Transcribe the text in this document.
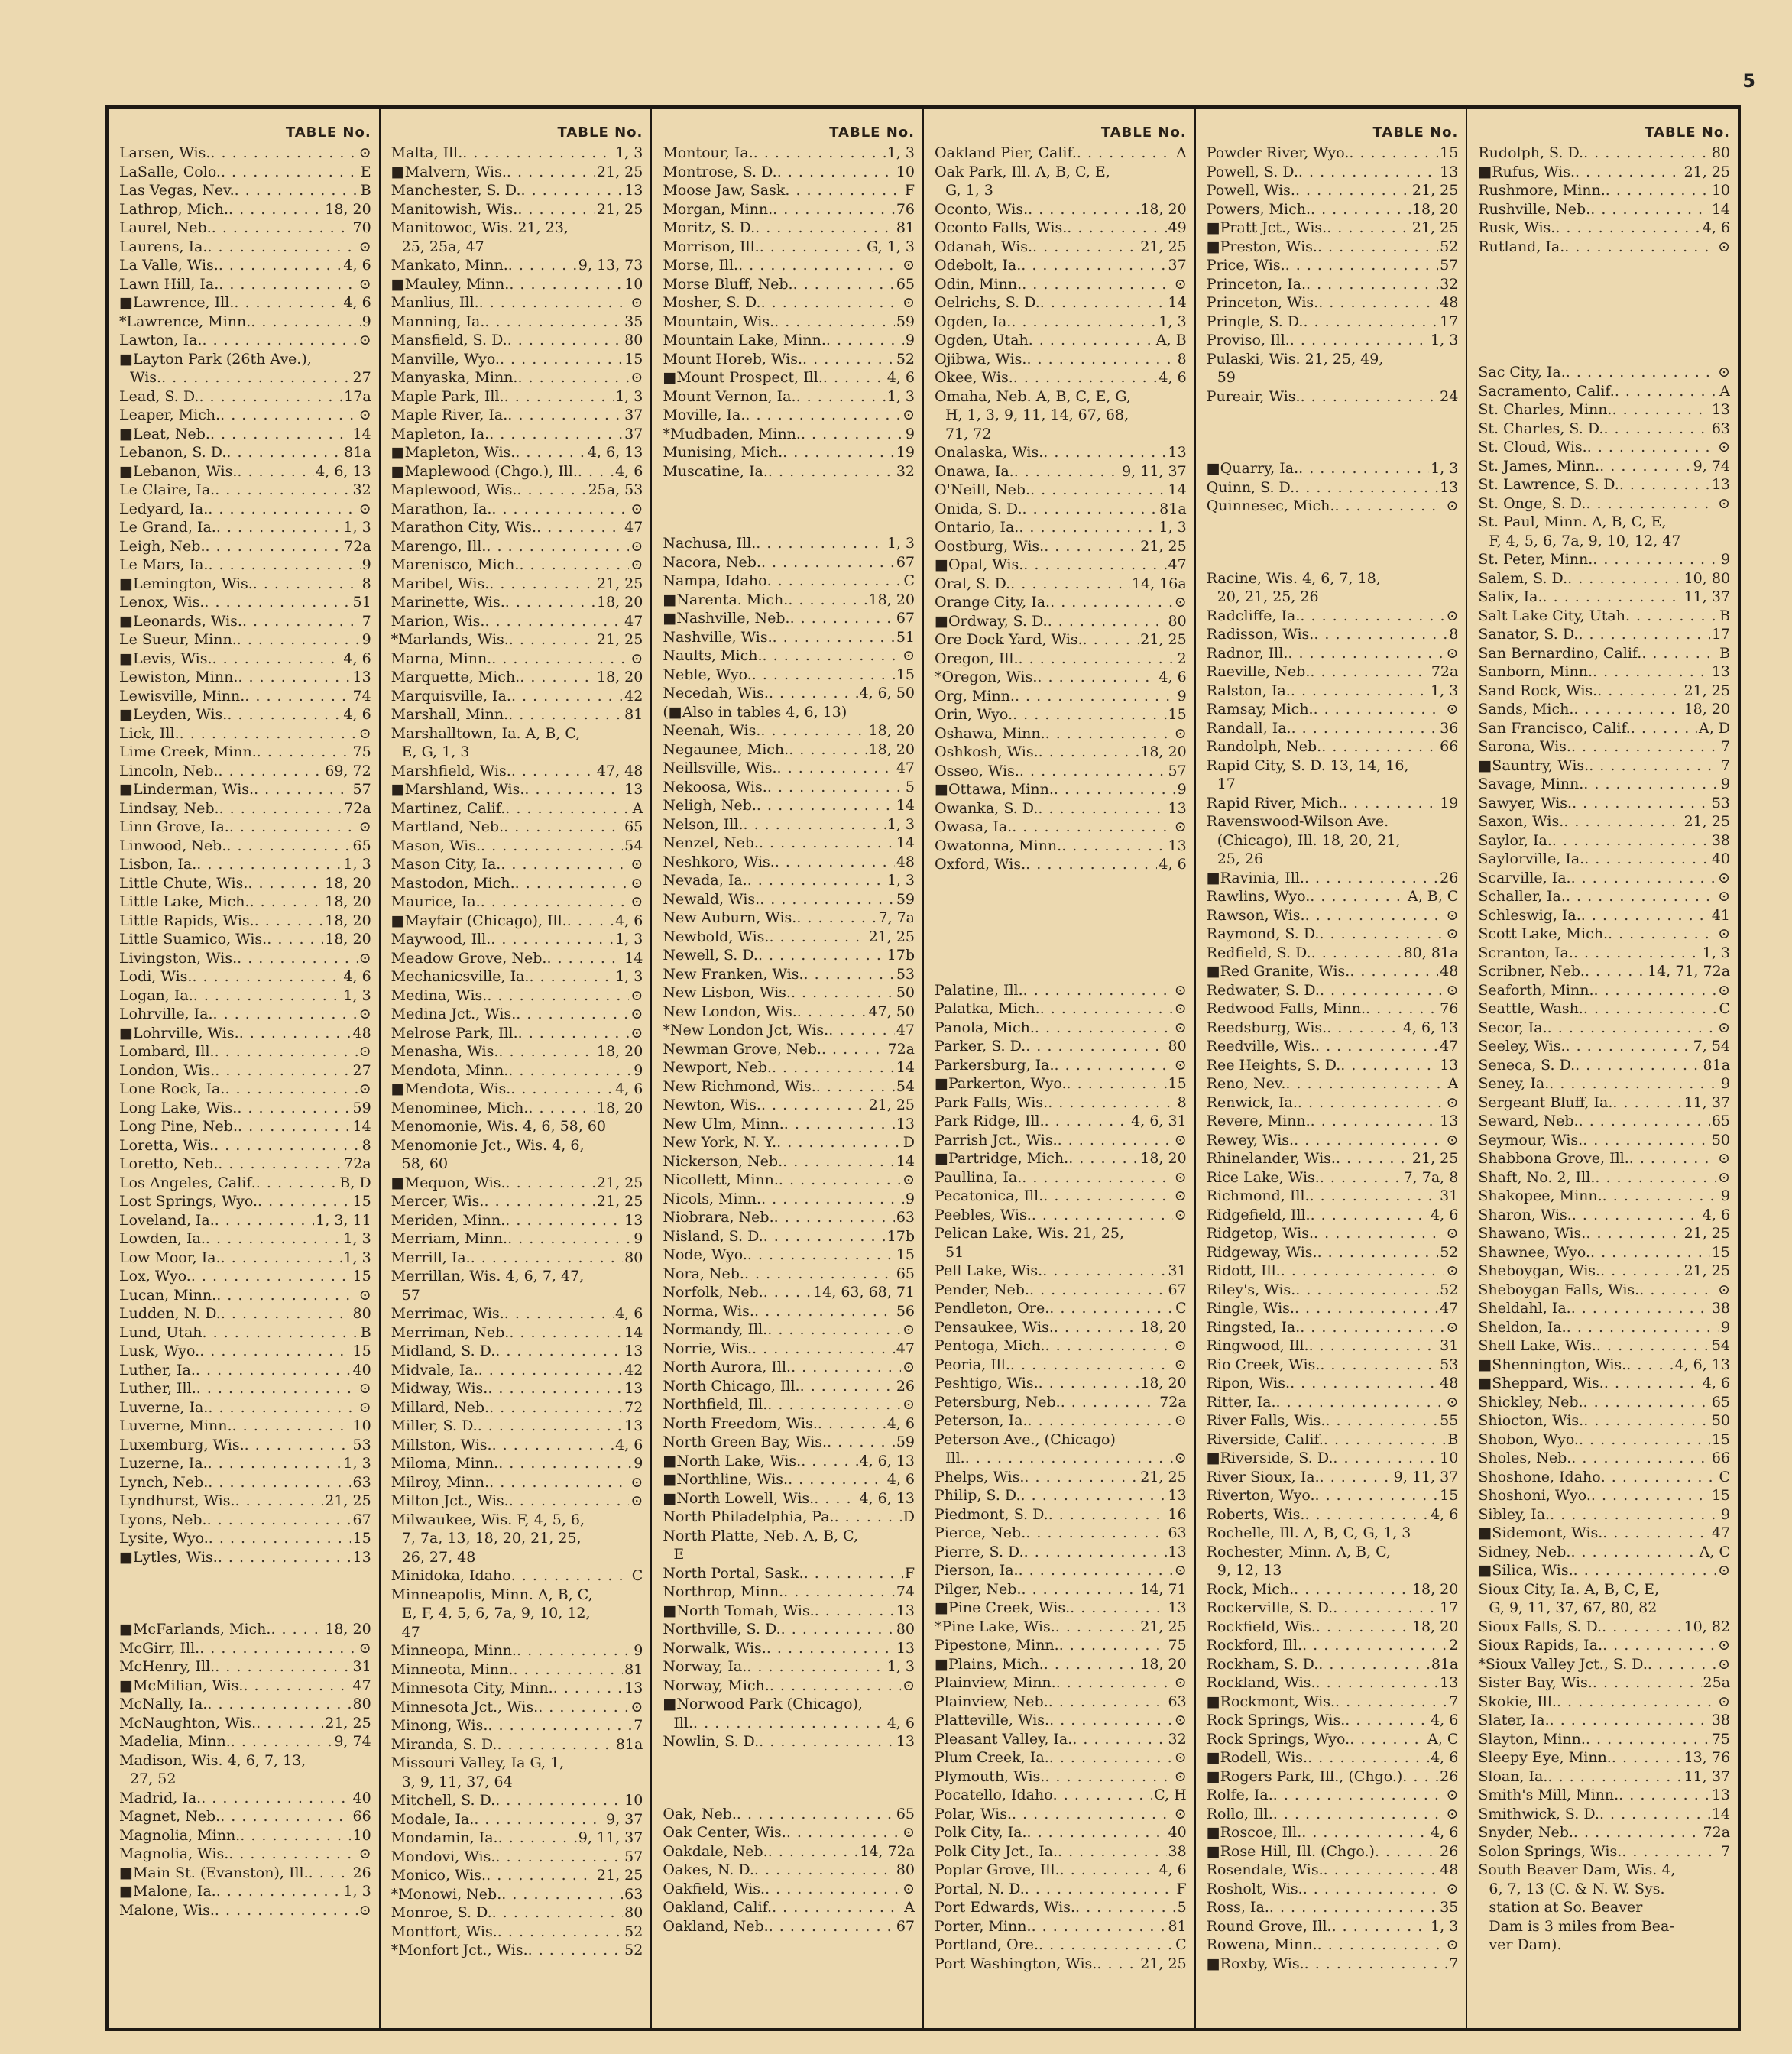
5
TABLE No.
Larsen, Wis. . . .	⊙
LaSalle, Colo. . . .	E
Las Vegas, Nev. . . .	B
Lathrop, Mich. . . .	18, 20
Laurel, Neb. . . .	70
Laurens, Ia. . . .	⊙
La Valle, Wis. . . .	4, 6
Lawn Hill, Ia. . . .	⊙
■Lawrence, Ill. . . .	4, 6
*Lawrence, Minn. . . .	9
Lawton, Ia. . . .	⊙
■Layton Park (26th Ave.),
Wis. . . .	27
Lead, S. D. . . .	17a
Leaper, Mich. . . .	⊙
■Leat, Neb. . . .	14
Lebanon, S. D. . . .	81a
■Lebanon, Wis. . . .	4, 6, 13
Le Claire, Ia. . . .	32
Ledyard, Ia. . . .	⊙
Le Grand, Ia. . . .	1, 3
Leigh, Neb. . . .	72a
Le Mars, Ia. . . .	9
■Lemington, Wis. . . .	8
Lenox, Wis. . . .	51
■Leonards, Wis. . . .	7
Le Sueur, Minn. . . .	9
■Levis, Wis. . . .	4, 6
Lewiston, Minn. . . .	13
Lewisville, Minn. . . .	74
■Leyden, Wis. . . .	4, 6
Lick, Ill. . . .	⊙
Lime Creek, Minn. . . .	75
Lincoln, Neb. . . .	69, 72
■Linderman, Wis. . . .	57
Lindsay, Neb. . . .	72a
Linn Grove, Ia. . . .	⊙
Linwood, Neb. . . .	65
Lisbon, Ia. . . .	1, 3
Little Chute, Wis. . . .	18, 20
Little Lake, Mich. . . .	18, 20
Little Rapids, Wis. . . .	18, 20
Little Suamico, Wis. . . .	18, 20
Livingston, Wis. . . .	⊙
Lodi, Wis. . . .	4, 6
Logan, Ia. . . .	1, 3
Lohrville, Ia. . . .	⊙
■Lohrville, Wis. . . .	48
Lombard, Ill. . . .	⊙
London, Wis. . . .	27
Lone Rock, Ia. . . .	⊙
Long Lake, Wis. . . .	59
Long Pine, Neb. . . .	14
Loretta, Wis. . . .	8
Loretto, Neb. . . .	72a
Los Angeles, Calif. . . .	B, D
Lost Springs, Wyo. . . .	15
Loveland, Ia. . . .	1, 3, 11
Lowden, Ia. . . .	1, 3
Low Moor, Ia. . . .	1, 3
Lox, Wyo. . . .	15
Lucan, Minn. . . .	⊙
Ludden, N. D. . . .	80
Lund, Utah . . .	B
Lusk, Wyo. . . .	15
Luther, Ia. . . .	40
Luther, Ill. . . .	⊙
Luverne, Ia. . . .	⊙
Luverne, Minn. . . .	10
Luxemburg, Wis. . . .	53
Luzerne, Ia. . . .	1, 3
Lynch, Neb. . . .	63
Lyndhurst, Wis. . . .	21, 25
Lyons, Neb. . . .	67
Lysite, Wyo. . . .	15
■Lytles, Wis. . . .	13
■McFarlands, Mich. . . .	18, 20
McGirr, Ill. . . .	⊙
McHenry, Ill. . . .	31
■McMilian, Wis. . . .	47
McNally, Ia. . . .	80
McNaughton, Wis. . . .	21, 25
Madelia, Minn. . . .	9, 74
Madison, Wis. 4, 6, 7, 13,
27, 52
Madrid, Ia. . . .	40
Magnet, Neb. . . .	66
Magnolia, Minn. . . .	10
Magnolia, Wis. . . .	⊙
■Main St. (Evanston), Ill. . . .	26
■Malone, Ia. . . .	1, 3
Malone, Wis. . . .	⊙
TABLE No.
Malta, Ill. . . .	1, 3
■Malvern, Wis. . . .	21, 25
Manchester, S. D. . . .	13
Manitowish, Wis. . . .	21, 25
Manitowoc, Wis. 21, 23,
25, 25a, 47
Mankato, Minn. . . .	9, 13, 73
■Mauley, Minn. . . .	10
Manlius, Ill. . . .	⊙
Manning, Ia. . . .	35
Mansfield, S. D. . . .	80
Manville, Wyo. . . .	15
Manyaska, Minn. . . .	⊙
Maple Park, Ill. . . .	1, 3
Maple River, Ia. . . .	37
Mapleton, Ia. . . .	37
■Mapleton, Wis. . . .	4, 6, 13
■Maplewood (Chgo.), Ill. . . .	4, 6
Maplewood, Wis. . . .	25a, 53
Marathon, Ia. . . .	⊙
Marathon City, Wis. . . .	47
Marengo, Ill. . . .	⊙
Marenisco, Mich. . . .	⊙
Maribel, Wis. . . .	21, 25
Marinette, Wis. . . .	18, 20
Marion, Wis. . . .	47
*Marlands, Wis. . . .	21, 25
Marna, Minn. . . .	⊙
Marquette, Mich. . . .	18, 20
Marquisville, Ia. . . .	42
Marshall, Minn. . . .	81
Marshalltown, Ia. A, B, C,
E, G, 1, 3
Marshfield, Wis. . . .	47, 48
■Marshland, Wis. . . .	13
Martinez, Calif. . . .	A
Martland, Neb. . . .	65
Mason, Wis. . . .	54
Mason City, Ia. . . .	⊙
Mastodon, Mich. . . .	⊙
Maurice, Ia. . . .	⊙
■Mayfair (Chicago), Ill. . . .	4, 6
Maywood, Ill. . . .	1, 3
Meadow Grove, Neb. . . .	14
Mechanicsville, Ia. . . .	1, 3
Medina, Wis. . . .	⊙
Medina Jct., Wis. . . .	⊙
Melrose Park, Ill. . . .	⊙
Menasha, Wis. . . .	18, 20
Mendota, Minn. . . .	9
■Mendota, Wis. . . .	4, 6
Menominee, Mich. . . .	18, 20
Menomonie, Wis. 4, 6, 58, 60
Menomonie Jct., Wis. 4, 6,
58, 60
■Mequon, Wis. . . .	21, 25
Mercer, Wis. . . .	21, 25
Meriden, Minn. . . .	13
Merriam, Minn. . . .	9
Merrill, Ia. . . .	80
Merrillan, Wis. 4, 6, 7, 47,
57
Merrimac, Wis. . . .	4, 6
Merriman, Neb. . . .	14
Midland, S. D. . . .	13
Midvale, Ia. . . .	42
Midway, Wis. . . .	13
Millard, Neb. . . .	72
Miller, S. D. . . .	13
Millston, Wis. . . .	4, 6
Miloma, Minn. . . .	9
Milroy, Minn. . . .	⊙
Milton Jct., Wis. . . .	⊙
Milwaukee, Wis. F, 4, 5, 6,
7, 7a, 13, 18, 20, 21, 25,
26, 27, 48
Minidoka, Idaho . . .	C
Minneapolis, Minn. A, B, C,
E, F, 4, 5, 6, 7a, 9, 10, 12,
47
Minneopa, Minn. . . .	9
Minneota, Minn. . . .	81
Minnesota City, Minn. . . .	13
Minnesota Jct., Wis. . . .	⊙
Minong, Wis. . . .	7
Miranda, S. D. . . .	81a
Missouri Valley, Ia G, 1,
3, 9, 11, 37, 64
Mitchell, S. D. . . .	10
Modale, Ia. . . .	9, 37
Mondamin, Ia. . . .	9, 11, 37
Mondovi, Wis. . . .	57
Monico, Wis. . . .	21, 25
*Monowi, Neb. . . .	63
Monroe, S. D. . . .	80
Montfort, Wis. . . .	52
*Monfort Jct., Wis. . . .	52
TABLE No.
Montour, Ia. . . .	1, 3
Montrose, S. D. . . .	10
Moose Jaw, Sask . . .	F
Morgan, Minn. . . .	76
Moritz, S. D. . . .	81
Morrison, Ill. . . .	G, 1, 3
Morse, Ill. . . .	⊙
Morse Bluff, Neb. . . .	65
Mosher, S. D. . . .	⊙
Mountain, Wis. . . .	59
Mountain Lake, Minn. . . .	9
Mount Horeb, Wis. . . .	52
■Mount Prospect, Ill. . . .	4, 6
Mount Vernon, Ia. . . .	1, 3
Moville, Ia. . . .	⊙
*Mudbaden, Minn. . . .	9
Munising, Mich. . . .	19
Muscatine, Ia. . . .	32
Nachusa, Ill. . . .	1, 3
Nacora, Neb. . . .	67
Nampa, Idaho . . .	C
■Narenta. Mich. . . .	18, 20
■Nashville, Neb. . . .	67
Nashville, Wis. . . .	51
Naults, Mich. . . .	⊙
Neble, Wyo. . . .	15
Necedah, Wis. . . .	4, 6, 50
(■Also in tables 4, 6, 13)
Neenah, Wis. . . .	18, 20
Negaunee, Mich. . . .	18, 20
Neillsville, Wis. . . .	47
Nekoosa, Wis. . . .	5
Neligh, Neb. . . .	14
Nelson, Ill. . . .	1, 3
Nenzel, Neb. . . .	14
Neshkoro, Wis. . . .	48
Nevada, Ia. . . .	1, 3
Newald, Wis. . . .	59
New Auburn, Wis. . . .	7, 7a
Newbold, Wis. . . .	21, 25
Newell, S. D. . . .	17b
New Franken, Wis. . . .	53
New Lisbon, Wis. . . .	50
New London, Wis. . . .	47, 50
*New London Jct, Wis. . . .	47
Newman Grove, Neb. . . .	72a
Newport, Neb. . . .	14
New Richmond, Wis. . . .	54
Newton, Wis. . . .	21, 25
New Ulm, Minn. . . .	13
New York, N. Y. . . .	D
Nickerson, Neb. . . .	14
Nicollett, Minn. . . .	⊙
Nicols, Minn. . . .	9
Niobrara, Neb. . . .	63
Nisland, S. D. . . .	17b
Node, Wyo. . . .	15
Nora, Neb. . . .	65
Norfolk, Neb. . . .	14, 63, 68, 71
Norma, Wis. . . .	56
Normandy, Ill. . . .	⊙
Norrie, Wis. . . .	47
North Aurora, Ill. . . .	⊙
North Chicago, Ill. . . .	26
Northfield, Ill. . . .	⊙
North Freedom, Wis. . . .	4, 6
North Green Bay, Wis. . . .	59
■North Lake, Wis. . . .	4, 6, 13
■Northline, Wis. . . .	4, 6
■North Lowell, Wis. . . .	4, 6, 13
North Philadelphia, Pa. . . .	D
North Platte, Neb. A, B, C,
E
North Portal, Sask. . . .	F
Northrop, Minn. . . .	74
■North Tomah, Wis. . . .	13
Northville, S. D. . . .	80
Norwalk, Wis. . . .	13
Norway, Ia. . . .	1, 3
Norway, Mich. . . .	⊙
■Norwood Park (Chicago),
Ill. . . .	4, 6
Nowlin, S. D. . . .	13
Oak, Neb. . . .	65
Oak Center, Wis. . . .	⊙
Oakdale, Neb. . . .	14, 72a
Oakes, N. D. . . .	80
Oakfield, Wis. . . .	⊙
Oakland, Calif. . . .	A
Oakland, Neb. . . .	67
TABLE No.
Oakland Pier, Calif. . . .	A
Oak Park, Ill. A, B, C, E,
G, 1, 3
Oconto, Wis. . . .	18, 20
Oconto Falls, Wis. . . .	49
Odanah, Wis. . . .	21, 25
Odebolt, Ia. . . .	37
Odin, Minn. . . .	⊙
Oelrichs, S. D. . . .	14
Ogden, Ia. . . .	1, 3
Ogden, Utah . . .	A, B
Ojibwa, Wis. . . .	8
Okee, Wis. . . .	4, 6
Omaha, Neb. A, B, C, E, G,
H, 1, 3, 9, 11, 14, 67, 68,
71, 72
Onalaska, Wis. . . .	13
Onawa, Ia. . . .	9, 11, 37
O'Neill, Neb. . . .	14
Onida, S. D. . . .	81a
Ontario, Ia. . . .	1, 3
Oostburg, Wis. . . .	21, 25
■Opal, Wis. . . .	47
Oral, S. D. . . .	14, 16a
Orange City, Ia. . . .	⊙
■Ordway, S. D. . . .	80
Ore Dock Yard, Wis. . . .	21, 25
Oregon, Ill. . . .	2
*Oregon, Wis. . . .	4, 6
Org, Minn. . . .	9
Orin, Wyo. . . .	15
Oshawa, Minn. . . .	⊙
Oshkosh, Wis. . . .	18, 20
Osseo, Wis. . . .	57
■Ottawa, Minn. . . .	9
Owanka, S. D. . . .	13
Owasa, Ia. . . .	⊙
Owatonna, Minn. . . .	13
Oxford, Wis. . . .	4, 6
Palatine, Ill. . . .	⊙
Palatka, Mich. . . .	⊙
Panola, Mich. . . .	⊙
Parker, S. D. . . .	80
Parkersburg, Ia. . . .	⊙
■Parkerton, Wyo. . . .	15
Park Falls, Wis. . . .	8
Park Ridge, Ill. . . .	4, 6, 31
Parrish Jct., Wis. . . .	⊙
■Partridge, Mich. . . .	18, 20
Paullina, Ia. . . .	⊙
Pecatonica, Ill. . . .	⊙
Peebles, Wis. . . .	⊙
Pelican Lake, Wis. 21, 25,
51
Pell Lake, Wis. . . .	31
Pender, Neb. . . .	67
Pendleton, Ore. . . .	C
Pensaukee, Wis. . . .	18, 20
Pentoga, Mich. . . .	⊙
Peoria, Ill. . . .	⊙
Peshtigo, Wis. . . .	18, 20
Petersburg, Neb. . . .	72a
Peterson, Ia. . . .	⊙
Peterson Ave., (Chicago)
Ill. . . .	⊙
Phelps, Wis. . . .	21, 25
Philip, S. D. . . .	13
Piedmont, S. D. . . .	16
Pierce, Neb. . . .	63
Pierre, S. D. . . .	13
Pierson, Ia. . . .	⊙
Pilger, Neb. . . .	14, 71
■Pine Creek, Wis. . . .	13
*Pine Lake, Wis. . . .	21, 25
Pipestone, Minn. . . .	75
■Plains, Mich. . . .	18, 20
Plainview, Minn. . . .	⊙
Plainview, Neb. . . .	63
Platteville, Wis. . . .	⊙
Pleasant Valley, Ia. . . .	32
Plum Creek, Ia. . . .	⊙
Plymouth, Wis. . . .	⊙
Pocatello, Idaho . . .	C, H
Polar, Wis. . . .	⊙
Polk City, Ia. . . .	40
Polk City Jct., Ia. . . .	38
Poplar Grove, Ill. . . .	4, 6
Portal, N. D. . . .	F
Port Edwards, Wis. . . .	5
Porter, Minn. . . .	81
Portland, Ore. . . .	C
Port Washington, Wis. . . .	21, 25
TABLE No.
Powder River, Wyo. . . .	15
Powell, S. D. . . .	13
Powell, Wis. . . .	21, 25
Powers, Mich. . . .	18, 20
■Pratt Jct., Wis. . . .	21, 25
■Preston, Wis. . . .	52
Price, Wis. . . .	57
Princeton, Ia. . . .	32
Princeton, Wis. . . .	48
Pringle, S. D. . . .	17
Proviso, Ill. . . .	1, 3
Pulaski, Wis. 21, 25, 49,
59
Pureair, Wis. . . .	24
■Quarry, Ia. . . .	1, 3
Quinn, S. D. . . .	13
Quinnesec, Mich. . . .	⊙
Racine, Wis. 4, 6, 7, 18,
20, 21, 25, 26
Radcliffe, Ia. . . .	⊙
Radisson, Wis. . . .	8
Radnor, Ill. . . .	⊙
Raeville, Neb. . . .	72a
Ralston, Ia. . . .	1, 3
Ramsay, Mich. . . .	⊙
Randall, Ia. . . .	36
Randolph, Neb. . . .	66
Rapid City, S. D. 13, 14, 16,
17
Rapid River, Mich. . . .	19
Ravenswood-Wilson Ave.
(Chicago), Ill. 18, 20, 21,
25, 26
■Ravinia, Ill. . . .	26
Rawlins, Wyo. . . .	A, B, C
Rawson, Wis. . . .	⊙
Raymond, S. D. . . .	⊙
Redfield, S. D. . . .	80, 81a
■Red Granite, Wis. . . .	48
Redwater, S. D. . . .	⊙
Redwood Falls, Minn. . . .	76
Reedsburg, Wis. . . .	4, 6, 13
Reedville, Wis. . . .	47
Ree Heights, S. D. . . .	13
Reno, Nev. . . .	A
Renwick, Ia. . . .	⊙
Revere, Minn. . . .	13
Rewey, Wis. . . .	⊙
Rhinelander, Wis. . . .	21, 25
Rice Lake, Wis. . . .	7, 7a, 8
Richmond, Ill. . . .	31
Ridgefield, Ill. . . .	4, 6
Ridgetop, Wis. . . .	⊙
Ridgeway, Wis. . . .	52
Ridott, Ill. . . .	⊙
Riley's, Wis. . . .	52
Ringle, Wis. . . .	47
Ringsted, Ia. . . .	⊙
Ringwood, Ill. . . .	31
Rio Creek, Wis. . . .	53
Ripon, Wis. . . .	48
Ritter, Ia. . . .	⊙
River Falls, Wis. . . .	55
Riverside, Calif. . . .	B
■Riverside, S. D. . . .	10
River Sioux, Ia. . . .	9, 11, 37
Riverton, Wyo. . . .	15
Roberts, Wis. . . .	4, 6
Rochelle, Ill. A, B, C, G, 1, 3
Rochester, Minn. A, B, C,
9, 12, 13
Rock, Mich. . . .	18, 20
Rockerville, S. D. . . .	17
Rockfield, Wis. . . .	18, 20
Rockford, Ill. . . .	2
Rockham, S. D. . . .	81a
Rockland, Wis. . . .	13
■Rockmont, Wis. . . .	7
Rock Springs, Wis. . . .	4, 6
Rock Springs, Wyo. . . .	A, C
■Rodell, Wis. . . .	4, 6
■Rogers Park, Ill., (Chgo.) . . .	26
Rolfe, Ia. . . .	⊙
Rollo, Ill. . . .	⊙
■Roscoe, Ill. . . .	4, 6
■Rose Hill, Ill. (Chgo.) . . .	26
Rosendale, Wis. . . .	48
Rosholt, Wis. . . .	⊙
Ross, Ia. . . .	35
Round Grove, Ill. . . .	1, 3
Rowena, Minn. . . .	⊙
■Roxby, Wis. . . .	7
TABLE No.
Rudolph, S. D. . . .	80
■Rufus, Wis. . . .	21, 25
Rushmore, Minn. . . .	10
Rushville, Neb. . . .	14
Rusk, Wis. . . .	4, 6
Rutland, Ia. . . .	⊙
Sac City, Ia. . . .	⊙
Sacramento, Calif. . . .	A
St. Charles, Minn. . . .	13
St. Charles, S. D. . . .	63
St. Cloud, Wis. . . .	⊙
St. James, Minn. . . .	9, 74
St. Lawrence, S. D. . . .	13
St. Onge, S. D. . . .	⊙
St. Paul, Minn. A, B, C, E,
F, 4, 5, 6, 7a, 9, 10, 12, 47
St. Peter, Minn. . . .	9
Salem, S. D. . . .	10, 80
Salix, Ia. . . .	11, 37
Salt Lake City, Utah . . .	B
Sanator, S. D. . . .	17
San Bernardino, Calif. . . .	B
Sanborn, Minn. . . .	13
Sand Rock, Wis. . . .	21, 25
Sands, Mich. . . .	18, 20
San Francisco, Calif. . . .	A, D
Sarona, Wis. . . .	7
■Sauntry, Wis. . . .	7
Savage, Minn. . . .	9
Sawyer, Wis. . . .	53
Saxon, Wis. . . .	21, 25
Saylor, Ia. . . .	38
Saylorville, Ia. . . .	40
Scarville, Ia. . . .	⊙
Schaller, Ia. . . .	⊙
Schleswig, Ia. . . .	41
Scott Lake, Mich. . . .	⊙
Scranton, Ia. . . .	1, 3
Scribner, Neb. . . .	14, 71, 72a
Seaforth, Minn. . . .	⊙
Seattle, Wash. . . .	C
Secor, Ia. . . .	⊙
Seeley, Wis. . . .	7, 54
Seneca, S. D. . . .	81a
Seney, Ia. . . .	9
Sergeant Bluff, Ia. . . .	11, 37
Seward, Neb. . . .	65
Seymour, Wis. . . .	50
Shabbona Grove, Ill. . . .	⊙
Shaft, No. 2, Ill. . . .	⊙
Shakopee, Minn. . . .	9
Sharon, Wis. . . .	4, 6
Shawano, Wis. . . .	21, 25
Shawnee, Wyo. . . .	15
Sheboygan, Wis. . . .	21, 25
Sheboygan Falls, Wis. . . .	⊙
Sheldahl, Ia. . . .	38
Sheldon, Ia. . . .	9
Shell Lake, Wis. . . .	54
■Shennington, Wis. . . .	4, 6, 13
■Sheppard, Wis. . . .	4, 6
Shickley, Neb. . . .	65
Shiocton, Wis. . . .	50
Shobon, Wyo. . . .	15
Sholes, Neb. . . .	66
Shoshone, Idaho . . .	C
Shoshoni, Wyo. . . .	15
Sibley, Ia. . . .	9
■Sidemont, Wis. . . .	47
Sidney, Neb. . . .	A, C
■Silica, Wis. . . .	⊙
Sioux City, Ia. A, B, C, E,
G, 9, 11, 37, 67, 80, 82
Sioux Falls, S. D. . . .	10, 82
Sioux Rapids, Ia. . . .	⊙
*Sioux Valley Jct., S. D. . . .	⊙
Sister Bay, Wis. . . .	25a
Skokie, Ill. . . .	⊙
Slater, Ia. . . .	38
Slayton, Minn. . . .	75
Sleepy Eye, Minn. . . .	13, 76
Sloan, Ia. . . .	11, 37
Smith's Mill, Minn. . . .	13
Smithwick, S. D. . . .	14
Snyder, Neb. . . .	72a
Solon Springs, Wis. . . .	7
South Beaver Dam, Wis. 4,
6, 7, 13 (C. & N. W. Sys.
station at So. Beaver
Dam is 3 miles from Bea-
ver Dam).
